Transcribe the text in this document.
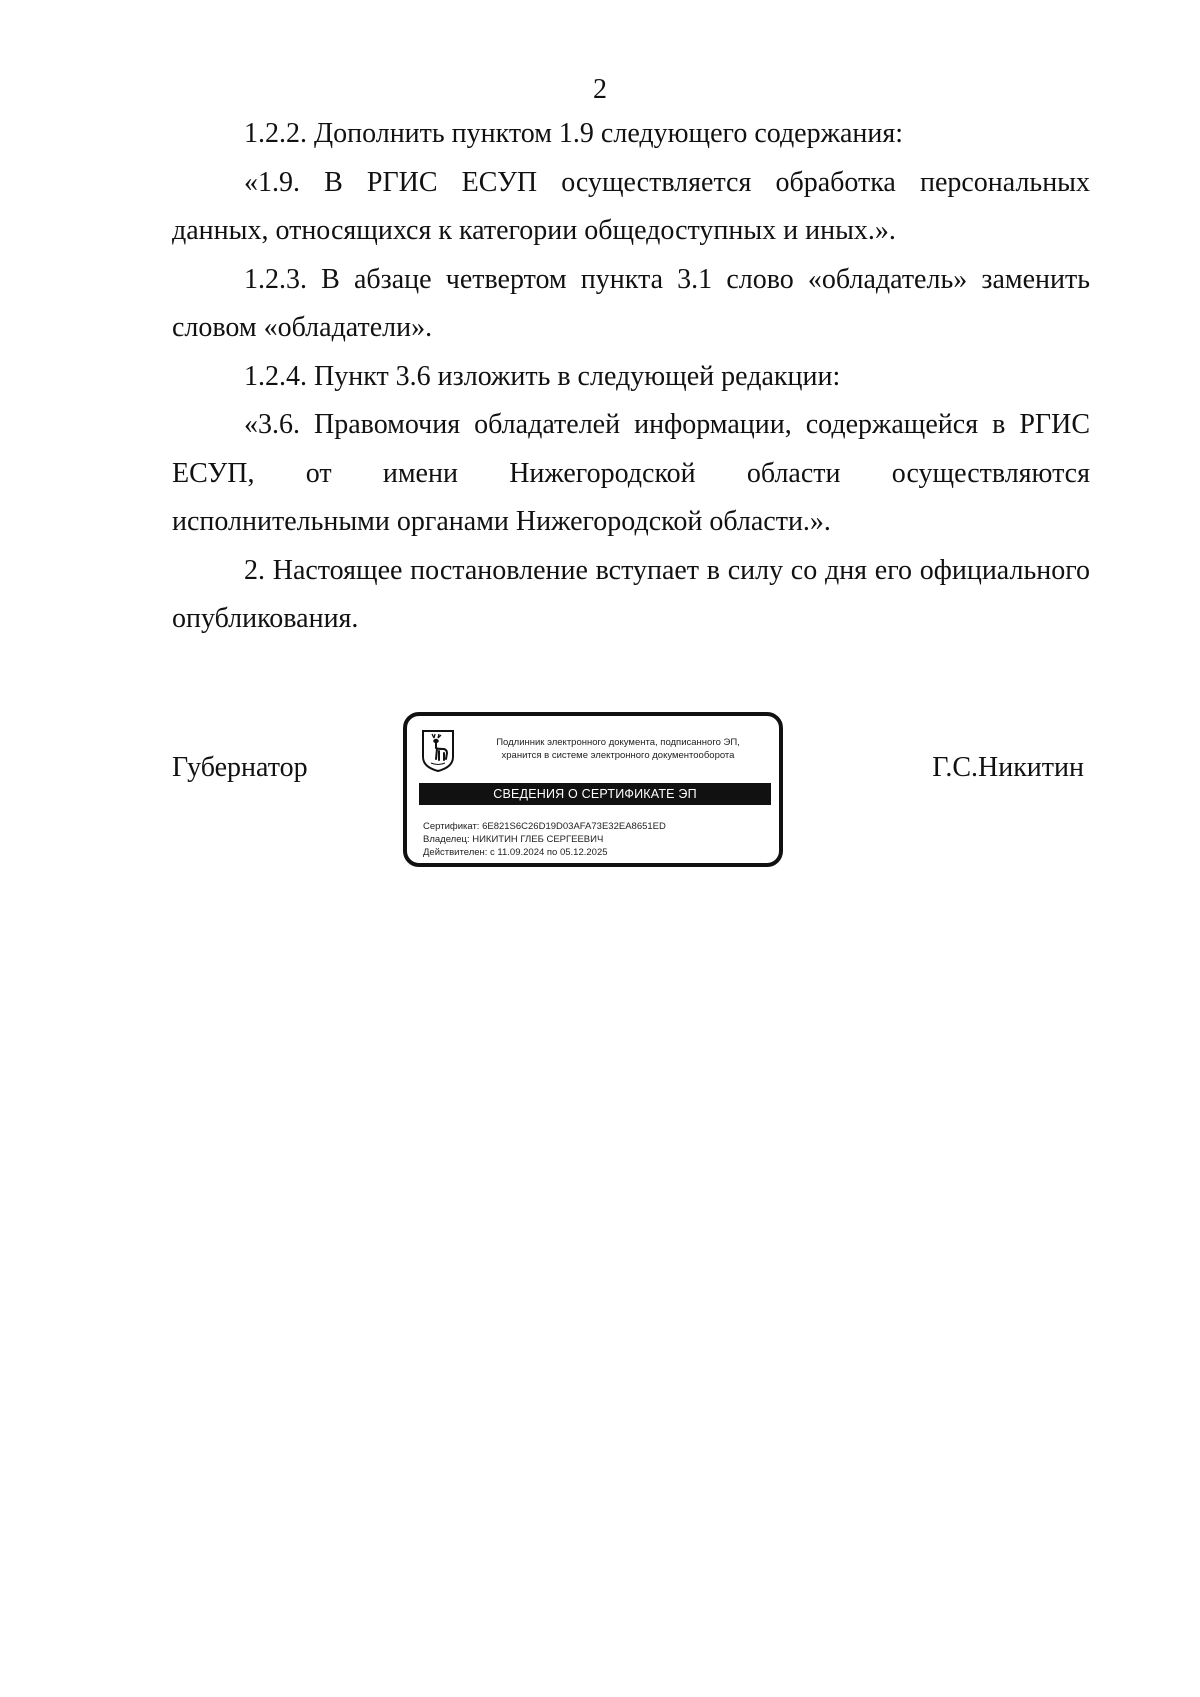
2

1.2.2. Дополнить пунктом 1.9 следующего содержания:

«1.9. В РГИС ЕСУП осуществляется обработка персональных данных, относящихся к категории общедоступных и иных.».

1.2.3. В абзаце четвертом пункта 3.1 слово «обладатель» заменить словом «обладатели».

1.2.4. Пункт 3.6 изложить в следующей редакции:

«3.6. Правомочия обладателей информации, содержащейся в РГИС ЕСУП, от имени Нижегородской области осуществляются исполнительными органами Нижегородской области.».

2. Настоящее постановление вступает в силу со дня его официального опубликования.

Губернатор	Г.С.Никитин
Подлинник электронного документа, подписанного ЭП,
хранится в системе электронного документооборота
СВЕДЕНИЯ О СЕРТИФИКАТЕ ЭП
Сертификат: 6E821S6C26D19D03AFA73E32EA8651ED
Владелец: НИКИТИН ГЛЕБ СЕРГЕЕВИЧ
Действителен: с 11.09.2024 по 05.12.2025
